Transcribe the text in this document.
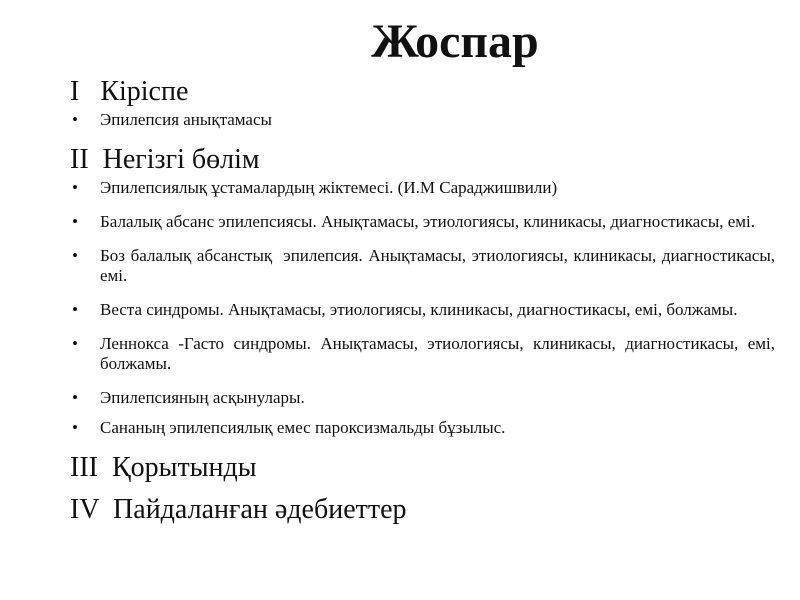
Жоспар
I   Кіріспе
• Эпилепсия анықтамасы
II  Негізгі бөлім
• Эпилепсиялық ұстамалардың жіктемесі. (И.М Сараджишвили)
• Балалық абсанс эпилепсиясы. Анықтамасы, этиологиясы, клиникасы, диагностикасы, емі.
• Боз балалық абсанстық  эпилепсия. Анықтамасы, этиологиясы, клиникасы, диагностикасы, емі.
• Веста синдромы. Анықтамасы, этиологиясы, клиникасы, диагностикасы, емі, болжамы.
• Леннокса -Гасто синдромы. Анықтамасы, этиологиясы, клиникасы, диагностикасы, емі, болжамы.
• Эпилепсияның асқынулары.
• Сананың эпилепсиялық емес пароксизмальды бұзылыс.
III  Қорытынды
IV  Пайдаланған әдебиеттер
